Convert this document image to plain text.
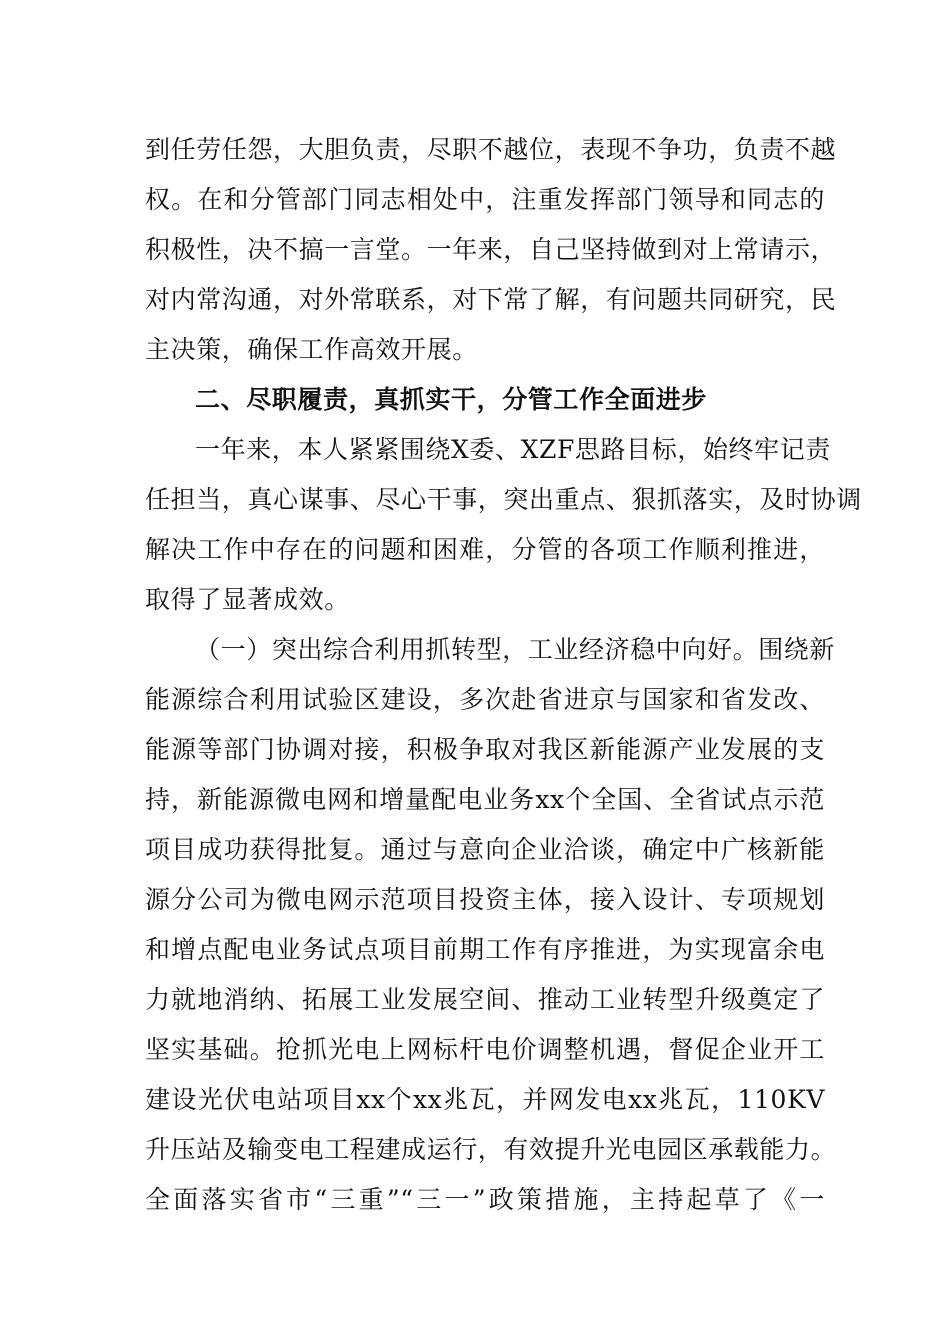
到任劳任怨，大胆负责，尽职不越位，表现不争功，负责不越
权。在和分管部门同志相处中，注重发挥部门领导和同志的
积极性，决不搞一言堂。一年来，自己坚持做到对上常请示，
对内常沟通，对外常联系，对下常了解，有问题共同研究，民
主决策，确保工作高效开展。
二、尽职履责，真抓实干，分管工作全面进步
一年来，本人紧紧围绕X委、XZF思路目标，始终牢记责
任担当，真心谋事、尽心干事，突出重点、狠抓落实，及时协调
解决工作中存在的问题和困难，分管的各项工作顺利推进，
取得了显著成效。
（一）突出综合利用抓转型，工业经济稳中向好。围绕新
能源综合利用试验区建设，多次赴省进京与国家和省发改、
能源等部门协调对接，积极争取对我区新能源产业发展的支
持，新能源微电网和增量配电业务xx个全国、全省试点示范
项目成功获得批复。通过与意向企业洽谈，确定中广核新能
源分公司为微电网示范项目投资主体，接入设计、专项规划
和增点配电业务试点项目前期工作有序推进，为实现富余电
力就地消纳、拓展工业发展空间、推动工业转型升级奠定了
坚实基础。抢抓光电上网标杆电价调整机遇，督促企业开工
建设光伏电站项目xx个xx兆瓦，并网发电xx兆瓦，110KV
升压站及输变电工程建成运行，有效提升光电园区承载能力。
全面落实省市“三重”“三一”政策措施，主持起草了《一
